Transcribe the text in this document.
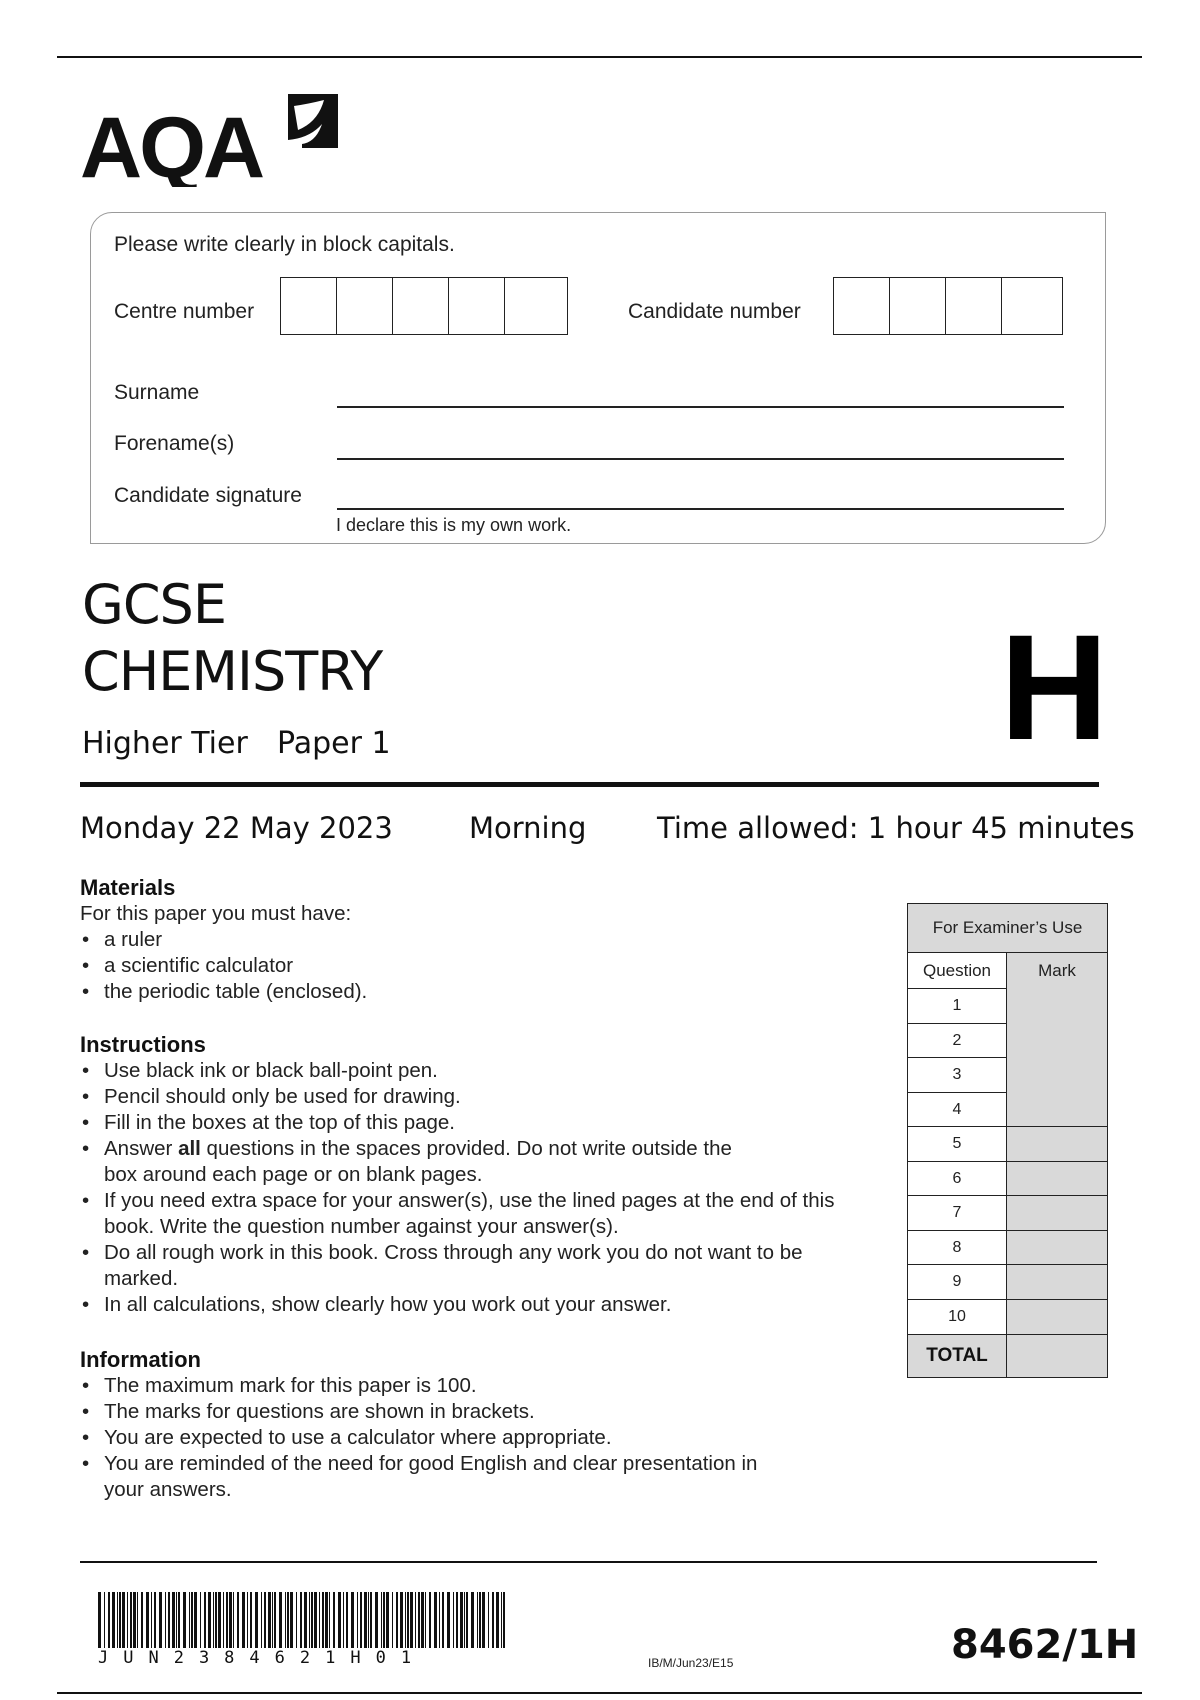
AQA
Please write clearly in block capitals.
Centre number	Candidate number
Surname
Forename(s)
Candidate signature
I declare this is my own work.
GCSE
CHEMISTRY
Higher Tier Paper 1	H
Monday 22 May 2023	Morning Time allowed: 1 hour 45 minutes

Materials

For this paper you must have:

• a ruler
• a scientific calculator
• the periodic table (enclosed).

Instructions

• Use black ink or black ball-point pen.
• Pencil should only be used for drawing.
• Fill in the boxes at the top of this page.
• Answer all questions in the spaces provided. Do not write outside the box around each page or on blank pages.
• If you need extra space for your answer(s), use the lined pages at the end of this book. Write the question number against your answer(s).
• Do all rough work in this book. Cross through any work you do not want to be marked.
• In all calculations, show clearly how you work out your answer.

Information

• The maximum mark for this paper is 100.
• The marks for questions are shown in brackets.
• You are expected to use a calculator where appropriate.
• You are reminded of the need for good English and clear presentation in your answers.
For Examiner’s Use
Question	Mark
1
2
3
4
5
6
7
8
9
10
TOTAL
JUN2384621H01	IB/M/Jun23/E15	8462/1H
